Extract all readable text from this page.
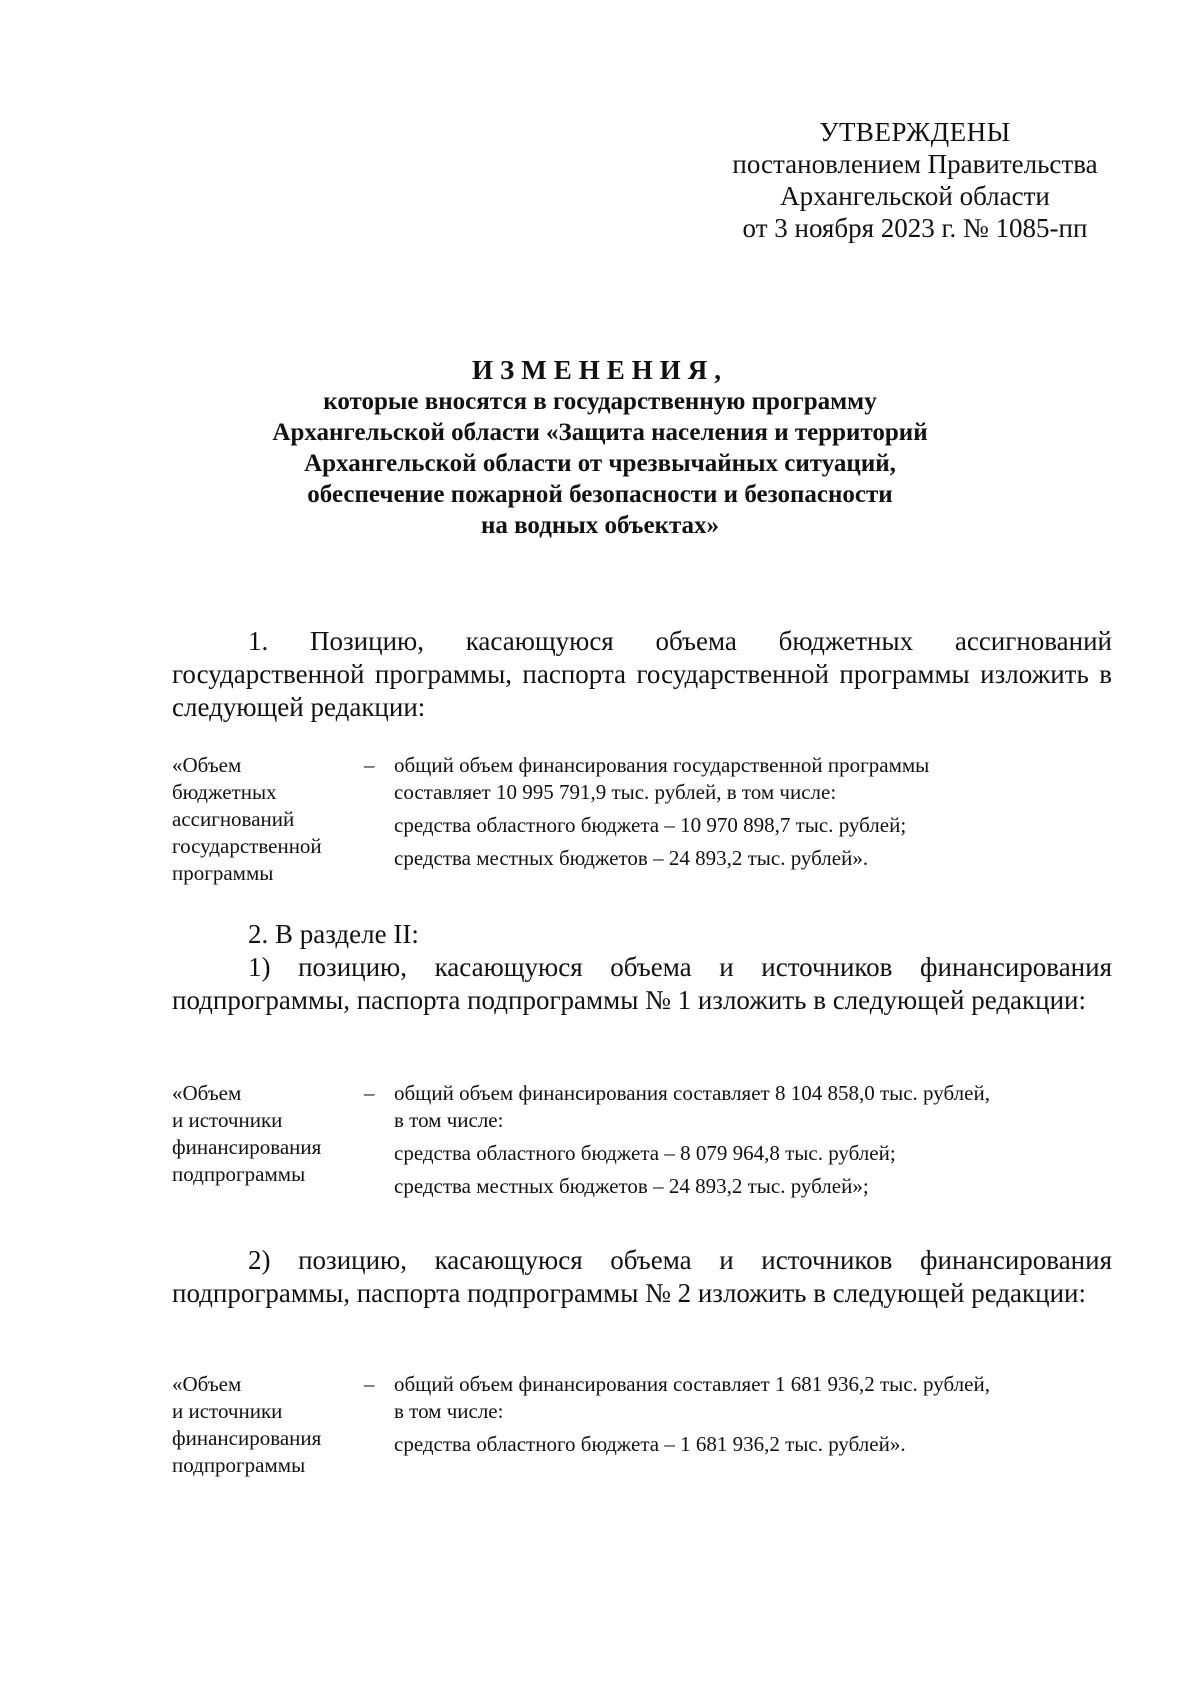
УТВЕРЖДЕНЫ
постановлением Правительства
Архангельской области
от 3 ноября 2023 г. № 1085-пп
ИЗМЕНЕНИЯ,
которые вносятся в государственную программу
Архангельской области «Защита населения и территорий
Архангельской области от чрезвычайных ситуаций,
обеспечение пожарной безопасности и безопасности
на водных объектах»
1. Позицию, касающуюся объема бюджетных ассигнований государственной программы, паспорта государственной программы изложить в следующей редакции:
«Объем
бюджетных
ассигнований
государственной
программы
– общий объем финансирования государственной программы
составляет 10 995 791,9 тыс. рублей, в том числе:
средства областного бюджета – 10 970 898,7 тыс. рублей;
средства местных бюджетов – 24 893,2 тыс. рублей».
2. В разделе II:
1) позицию, касающуюся объема и источников финансирования подпрограммы, паспорта подпрограммы № 1 изложить в следующей редакции:
«Объем
и источники
финансирования
подпрограммы
– общий объем финансирования составляет 8 104 858,0 тыс. рублей,
в том числе:
средства областного бюджета – 8 079 964,8 тыс. рублей;
средства местных бюджетов – 24 893,2 тыс. рублей»;
2) позицию, касающуюся объема и источников финансирования подпрограммы, паспорта подпрограммы № 2 изложить в следующей редакции:
«Объем
и источники
финансирования
подпрограммы
– общий объем финансирования составляет 1 681 936,2 тыс. рублей,
в том числе:
средства областного бюджета – 1 681 936,2 тыс. рублей».
